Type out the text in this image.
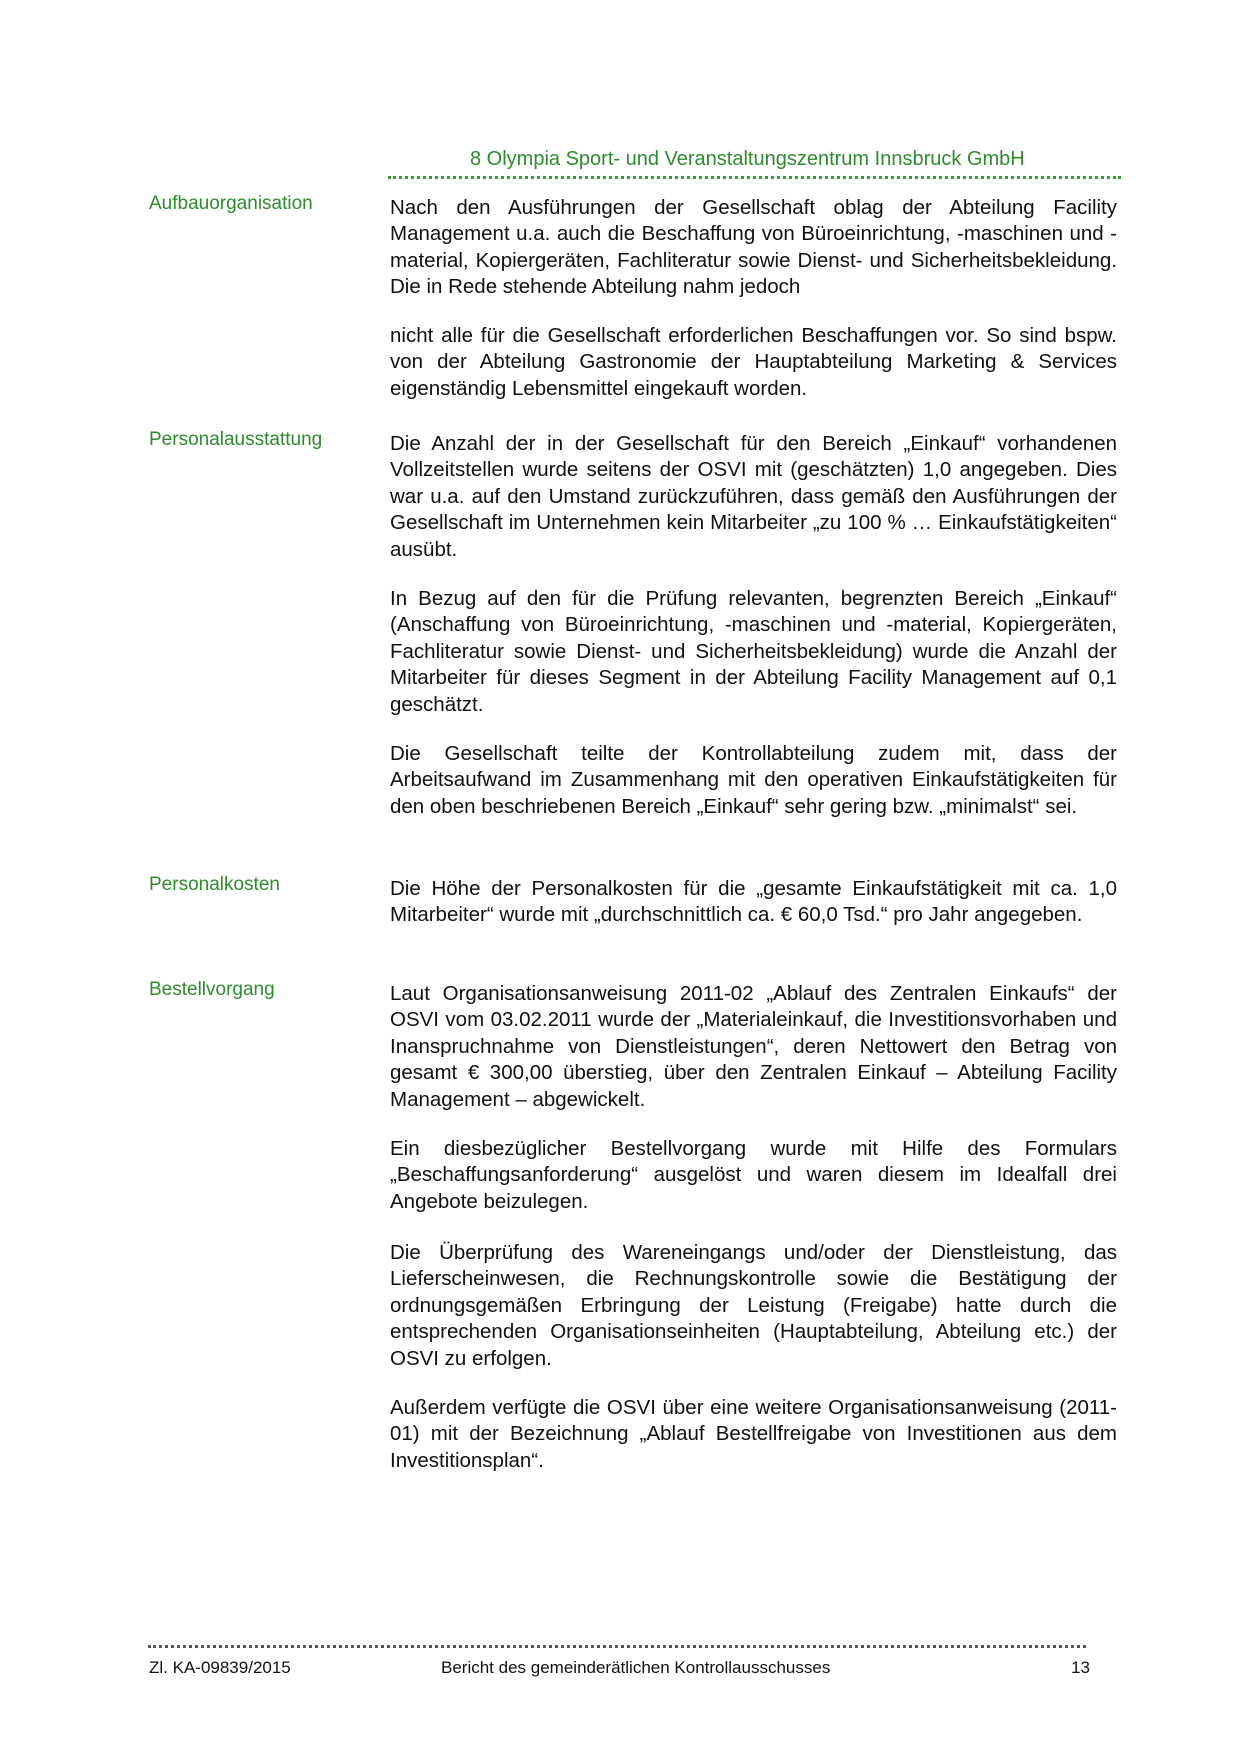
8 Olympia Sport- und Veranstaltungszentrum Innsbruck GmbH
Aufbauorganisation	Nach den Ausführungen der Gesellschaft oblag der Abteilung Facility Management u.a. auch die Beschaffung von Büroeinrichtung, -maschinen und -material, Kopiergeräten, Fachliteratur sowie Dienst- und Sicherheitsbekleidung. Die in Rede stehende Abteilung nahm jedoch
nicht alle für die Gesellschaft erforderlichen Beschaffungen vor. So sind bspw. von der Abteilung Gastronomie der Hauptabteilung Marketing & Services eigenständig Lebensmittel eingekauft worden.
Personalausstattung	Die Anzahl der in der Gesellschaft für den Bereich „Einkauf“ vorhandenen Vollzeitstellen wurde seitens der OSVI mit (geschätzten) 1,0 angegeben. Dies war u.a. auf den Umstand zurückzuführen, dass gemäß den Ausführungen der Gesellschaft im Unternehmen kein Mitarbeiter „zu 100 % … Einkaufstätigkeiten“ ausübt.
In Bezug auf den für die Prüfung relevanten, begrenzten Bereich „Einkauf“ (Anschaffung von Büroeinrichtung, -maschinen und -material, Kopiergeräten, Fachliteratur sowie Dienst- und Sicherheitsbekleidung) wurde die Anzahl der Mitarbeiter für dieses Segment in der Abteilung Facility Management auf 0,1 geschätzt.
Die Gesellschaft teilte der Kontrollabteilung zudem mit, dass der Arbeitsaufwand im Zusammenhang mit den operativen Einkaufstätigkeiten für den oben beschriebenen Bereich „Einkauf“ sehr gering bzw. „minimalst“ sei.
Personalkosten	Die Höhe der Personalkosten für die „gesamte Einkaufstätigkeit mit ca. 1,0 Mitarbeiter“ wurde mit „durchschnittlich ca. € 60,0 Tsd.“ pro Jahr angegeben.
Bestellvorgang	Laut Organisationsanweisung 2011-02 „Ablauf des Zentralen Einkaufs“ der OSVI vom 03.02.2011 wurde der „Materialeinkauf, die Investitionsvorhaben und Inanspruchnahme von Dienstleistungen“, deren Nettowert den Betrag von gesamt € 300,00 überstieg, über den Zentralen Einkauf – Abteilung Facility Management – abgewickelt.
Ein diesbezüglicher Bestellvorgang wurde mit Hilfe des Formulars „Beschaffungsanforderung“ ausgelöst und waren diesem im Idealfall drei Angebote beizulegen.
Die Überprüfung des Wareneingangs und/oder der Dienstleistung, das Lieferscheinwesen, die Rechnungskontrolle sowie die Bestätigung der ordnungsgemäßen Erbringung der Leistung (Freigabe) hatte durch die entsprechenden Organisationseinheiten (Hauptabteilung, Abteilung etc.) der OSVI zu erfolgen.
Außerdem verfügte die OSVI über eine weitere Organisationsanweisung (2011-01) mit der Bezeichnung „Ablauf Bestellfreigabe von Investitionen aus dem Investitionsplan“.
Zl. KA-09839/2015	Bericht des gemeinderätlichen Kontrollausschusses	13
